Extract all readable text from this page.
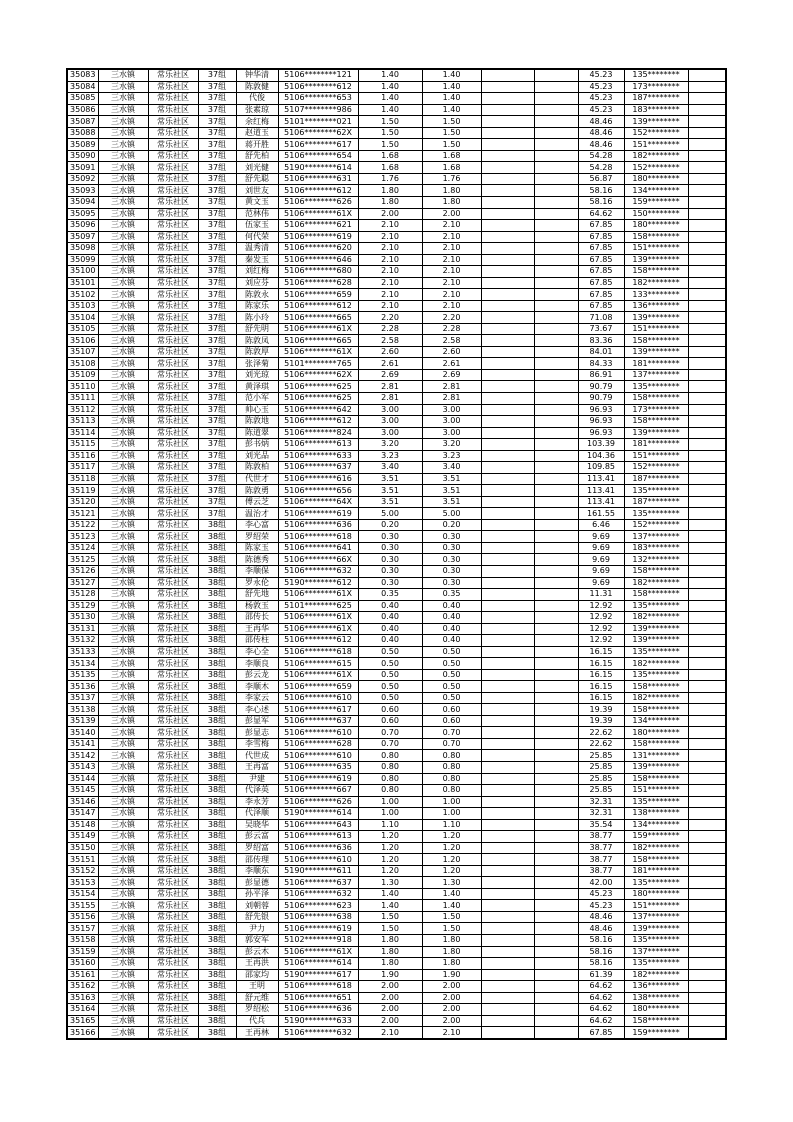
35083	三水镇	常乐社区	37组	钟华清	5106********121	1.40	1.40			45.23	135********	
35084	三水镇	常乐社区	37组	陈敦健	5106********612	1.40	1.40			45.23	173********	
35085	三水镇	常乐社区	37组	代俊	5106********653	1.40	1.40			45.23	187********	
35086	三水镇	常乐社区	37组	张素琼	5107********986	1.40	1.40			45.23	183********	
35087	三水镇	常乐社区	37组	余红梅	5101********021	1.50	1.50			48.46	139********	
35088	三水镇	常乐社区	37组	赵道玉	5106********62X	1.50	1.50			48.46	152********	
35089	三水镇	常乐社区	37组	蒋开胜	5106********617	1.50	1.50			48.46	151********	
35090	三水镇	常乐社区	37组	舒先柏	5106********654	1.68	1.68			54.28	182********	
35091	三水镇	常乐社区	37组	刘光健	5190********614	1.68	1.68			54.28	152********	
35092	三水镇	常乐社区	37组	舒先聪	5106********631	1.76	1.76			56.87	180********	
35093	三水镇	常乐社区	37组	刘世友	5106********612	1.80	1.80			58.16	134********	
35094	三水镇	常乐社区	37组	黄文玉	5106********626	1.80	1.80			58.16	159********	
35095	三水镇	常乐社区	37组	范林伟	5106********61X	2.00	2.00			64.62	150********	
35096	三水镇	常乐社区	37组	伍家玉	5106********621	2.10	2.10			67.85	180********	
35097	三水镇	常乐社区	37组	何代荣	5106********619	2.10	2.10			67.85	158********	
35098	三水镇	常乐社区	37组	温秀清	5106********620	2.10	2.10			67.85	151********	
35099	三水镇	常乐社区	37组	秦发玉	5106********646	2.10	2.10			67.85	139********	
35100	三水镇	常乐社区	37组	刘红梅	5106********680	2.10	2.10			67.85	158********	
35101	三水镇	常乐社区	37组	刘应芬	5106********628	2.10	2.10			67.85	182********	
35102	三水镇	常乐社区	37组	陈敦永	5106********659	2.10	2.10			67.85	133********	
35103	三水镇	常乐社区	37组	陈家乐	5106********612	2.10	2.10			67.85	136********	
35104	三水镇	常乐社区	37组	陈小玲	5106********665	2.20	2.20			71.08	139********	
35105	三水镇	常乐社区	37组	舒先明	5106********61X	2.28	2.28			73.67	151********	
35106	三水镇	常乐社区	37组	陈敦凤	5106********665	2.58	2.58			83.36	158********	
35107	三水镇	常乐社区	37组	陈敦厚	5106********61X	2.60	2.60			84.01	139********	
35108	三水镇	常乐社区	37组	张泽菊	5101********765	2.61	2.61			84.33	181********	
35109	三水镇	常乐社区	37组	刘光琼	5106********62X	2.69	2.69			86.91	137********	
35110	三水镇	常乐社区	37组	黄泽琪	5106********625	2.81	2.81			90.79	135********	
35111	三水镇	常乐社区	37组	范小军	5106********625	2.81	2.81			90.79	158********	
35112	三水镇	常乐社区	37组	帅心玉	5106********642	3.00	3.00			96.93	173********	
35113	三水镇	常乐社区	37组	陈敦地	5106********612	3.00	3.00			96.93	158********	
35114	三水镇	常乐社区	37组	陈道翠	5106********824	3.00	3.00			96.93	139********	
35115	三水镇	常乐社区	37组	彭书炳	5106********613	3.20	3.20			103.39	181********	
35116	三水镇	常乐社区	37组	刘光品	5106********633	3.23	3.23			104.36	151********	
35117	三水镇	常乐社区	37组	陈敦柏	5106********637	3.40	3.40			109.85	152********	
35118	三水镇	常乐社区	37组	代世才	5106********616	3.51	3.51			113.41	187********	
35119	三水镇	常乐社区	37组	陈敦勇	5106********656	3.51	3.51			113.41	135********	
35120	三水镇	常乐社区	37组	傅云芝	5106********64X	3.51	3.51			113.41	187********	
35121	三水镇	常乐社区	37组	温治才	5106********619	5.00	5.00			161.55	135********	
35122	三水镇	常乐社区	38组	李心富	5106********636	0.20	0.20			6.46	152********	
35123	三水镇	常乐社区	38组	罗绍荣	5106********618	0.30	0.30			9.69	137********	
35124	三水镇	常乐社区	38组	陈家玉	5106********641	0.30	0.30			9.69	183********	
35125	三水镇	常乐社区	38组	陈德秀	5106********66X	0.30	0.30			9.69	132********	
35126	三水镇	常乐社区	38组	李顺保	5106********632	0.30	0.30			9.69	158********	
35127	三水镇	常乐社区	38组	罗永伦	5190********612	0.30	0.30			9.69	182********	
35128	三水镇	常乐社区	38组	舒先地	5106********61X	0.35	0.35			11.31	158********	
35129	三水镇	常乐社区	38组	杨敦玉	5101********625	0.40	0.40			12.92	135********	
35130	三水镇	常乐社区	38组	邵传长	5106********61X	0.40	0.40			12.92	182********	
35131	三水镇	常乐社区	38组	王再华	5106********61X	0.40	0.40			12.92	139********	
35132	三水镇	常乐社区	38组	邵传柱	5106********612	0.40	0.40			12.92	139********	
35133	三水镇	常乐社区	38组	李心全	5106********618	0.50	0.50			16.15	135********	
35134	三水镇	常乐社区	38组	李顺良	5106********615	0.50	0.50			16.15	182********	
35135	三水镇	常乐社区	38组	彭云龙	5106********61X	0.50	0.50			16.15	135********	
35136	三水镇	常乐社区	38组	李顺木	5106********659	0.50	0.50			16.15	158********	
35137	三水镇	常乐社区	38组	李家云	5106********610	0.50	0.50			16.15	182********	
35138	三水镇	常乐社区	38组	李心述	5106********617	0.60	0.60			19.39	158********	
35139	三水镇	常乐社区	38组	彭显军	5106********637	0.60	0.60			19.39	134********	
35140	三水镇	常乐社区	38组	彭显志	5106********610	0.70	0.70			22.62	180********	
35141	三水镇	常乐社区	38组	李雪梅	5106********628	0.70	0.70			22.62	158********	
35142	三水镇	常乐社区	38组	代世成	5106********610	0.80	0.80			25.85	131********	
35143	三水镇	常乐社区	38组	王再富	5106********635	0.80	0.80			25.85	139********	
35144	三水镇	常乐社区	38组	尹建	5106********619	0.80	0.80			25.85	158********	
35145	三水镇	常乐社区	38组	代泽英	5106********667	0.80	0.80			25.85	151********	
35146	三水镇	常乐社区	38组	李永芳	5106********626	1.00	1.00			32.31	135********	
35147	三水镇	常乐社区	38组	代泽顺	5190********614	1.00	1.00			32.31	138********	
35148	三水镇	常乐社区	38组	吴晓华	5106********643	1.10	1.10			35.54	134********	
35149	三水镇	常乐社区	38组	彭云富	5106********613	1.20	1.20			38.77	159********	
35150	三水镇	常乐社区	38组	罗绍富	5106********636	1.20	1.20			38.77	182********	
35151	三水镇	常乐社区	38组	邵传理	5106********610	1.20	1.20			38.77	158********	
35152	三水镇	常乐社区	38组	李顺东	5190********611	1.20	1.20			38.77	181********	
35153	三水镇	常乐社区	38组	彭显德	5106********637	1.30	1.30			42.00	135********	
35154	三水镇	常乐社区	38组	孙平泽	5106********632	1.40	1.40			45.23	180********	
35155	三水镇	常乐社区	38组	刘朝蓉	5106********623	1.40	1.40			45.23	151********	
35156	三水镇	常乐社区	38组	舒先银	5106********638	1.50	1.50			48.46	137********	
35157	三水镇	常乐社区	38组	尹力	5106********619	1.50	1.50			48.46	139********	
35158	三水镇	常乐社区	38组	郭安军	5102********918	1.80	1.80			58.16	135********	
35159	三水镇	常乐社区	38组	彭云木	5106********61X	1.80	1.80			58.16	137********	
35160	三水镇	常乐社区	38组	王再洪	5106********614	1.80	1.80			58.16	135********	
35161	三水镇	常乐社区	38组	邵家均	5190********617	1.90	1.90			61.39	182********	
35162	三水镇	常乐社区	38组	王明	5106********618	2.00	2.00			64.62	136********	
35163	三水镇	常乐社区	38组	舒元维	5106********651	2.00	2.00			64.62	138********	
35164	三水镇	常乐社区	38组	罗绍松	5106********636	2.00	2.00			64.62	180********	
35165	三水镇	常乐社区	38组	代兵	5190********633	2.00	2.00			64.62	158********	
35166	三水镇	常乐社区	38组	王再林	5106********632	2.10	2.10			67.85	159********	
